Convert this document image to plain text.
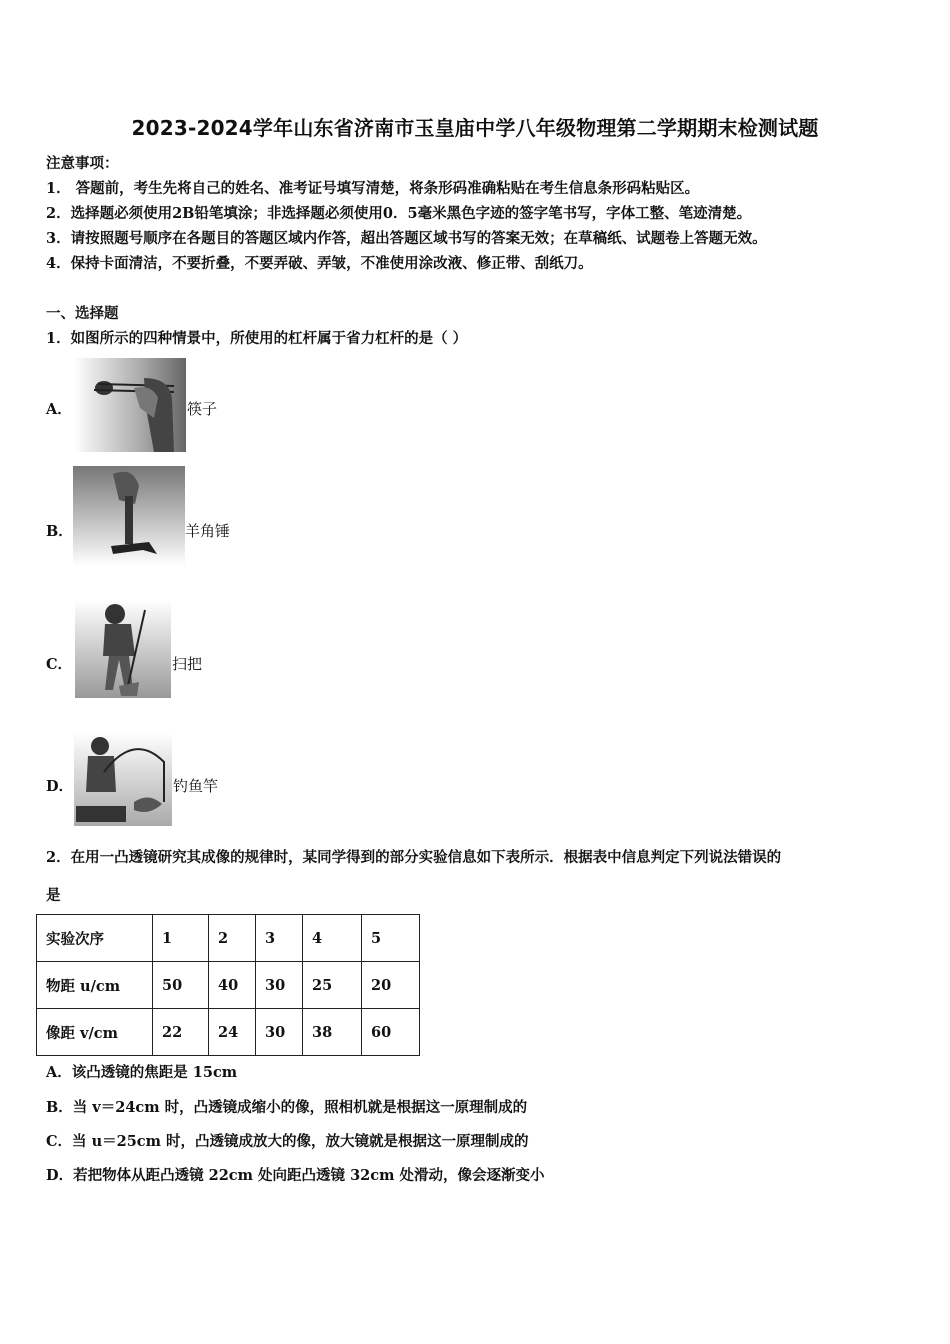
2023-2024学年山东省济南市玉皇庙中学八年级物理第二学期期末检测试题
注意事项：
1． 答题前，考生先将自己的姓名、准考证号填写清楚，将条形码准确粘贴在考生信息条形码粘贴区。
2．选择题必须使用2B铅笔填涂；非选择题必须使用0．5毫米黑色字迹的签字笔书写，字体工整、笔迹清楚。
3．请按照题号顺序在各题目的答题区域内作答，超出答题区域书写的答案无效；在草稿纸、试题卷上答题无效。
4．保持卡面清洁，不要折叠，不要弄破、弄皱，不准使用涂改液、修正带、刮纸刀。
一、选择题
1．如图所示的四种情景中，所使用的杠杆属于省力杠杆的是（ ）
A．	筷子
B．	羊角锤
C．	扫把
D．	钓鱼竿
2．在用一凸透镜研究其成像的规律时，某同学得到的部分实验信息如下表所示．根据表中信息判定下列说法错误的
是
实验次序	1	2	3	4	5
物距 u/cm	50	40	30	25	20
像距 v/cm	22	24	30	38	60
A．该凸透镜的焦距是 15cm
B．当 v＝24cm 时，凸透镜成缩小的像，照相机就是根据这一原理制成的
C．当 u＝25cm 时，凸透镜成放大的像，放大镜就是根据这一原理制成的
D．若把物体从距凸透镜 22cm 处向距凸透镜 32cm 处滑动，像会逐渐变小
